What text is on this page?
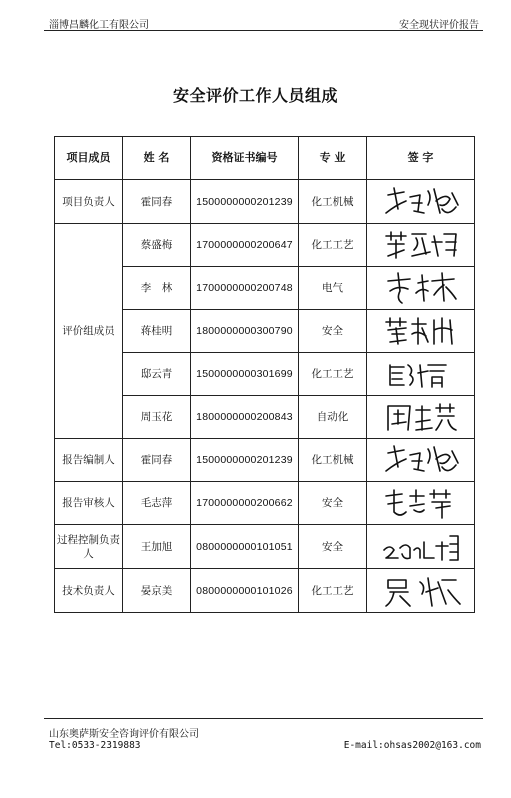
淄博昌麟化工有限公司	安全现状评价报告
安全评价工作人员组成
项目成员	姓 名	资格证书编号	专 业	签 字
项目负责人	霍同春	1500000000201239	化工机械	

评价组成员	蔡盛梅	1700000000200647	化工工艺	

	李　林	1700000000200748	电气	

	蒋桂明	1800000000300790	安全	

	邸云青	1500000000301699	化工工艺	

	周玉花	1800000000200843	自动化	

报告编制人	霍同春	1500000000201239	化工机械	

报告审核人	毛志萍	1700000000200662	安全	

过程控制负责人	王加旭	0800000000101051	安全	

技术负责人	晏京美	0800000000101026	化工工艺	
山东奥萨斯安全咨询评价有限公司
Tel:0533-2319883	E-mail:ohsas2002@163.com
